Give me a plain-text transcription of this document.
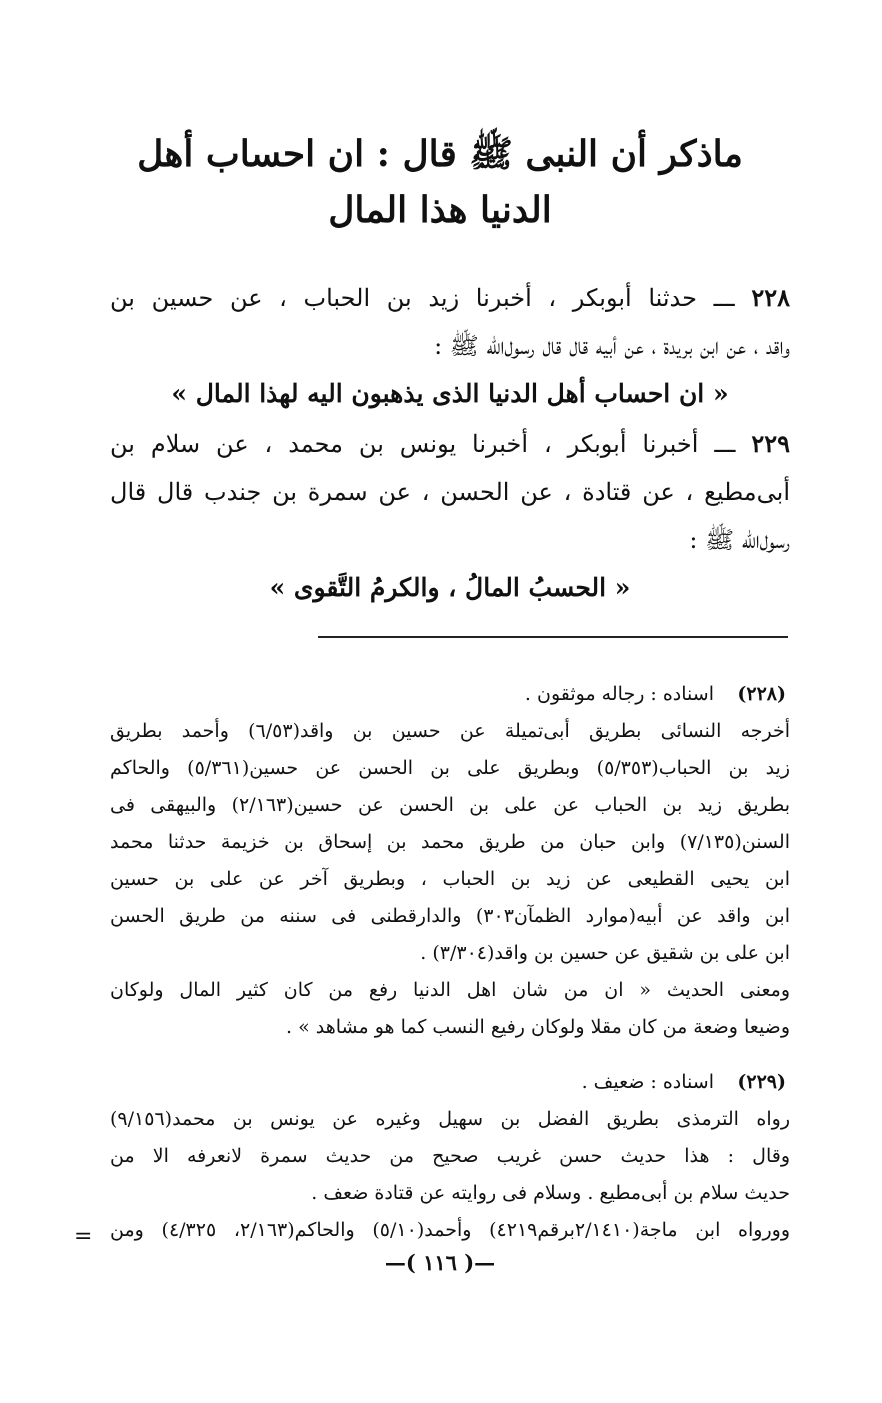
ماذكر أن النبى ﷺ قال : ان احساب أهل
الدنيا هذا المال
٢٢٨ ـــ حدثنا أبوبكر ، أخبرنا زيد بن الحباب ، عن حسين بن
واقد ، عن ابن بريدة ، عن أبيه قال قال رسول‌الله ﷺ :
« ان احساب أهل الدنيا الذى يذهبون اليه لهذا المال »
٢٢٩ ـــ أخبرنا أبوبكر ، أخبرنا يونس بن محمد ، عن سلام بن
أبى‌مطيع ، عن قتادة ، عن الحسن ، عن سمرة بن جندب قال قال
رسول‌الله ﷺ :
« الحسبُ المالُ ، والكرمُ التَّقوى »
(٢٢٨)
اسناده : رجاله موثقون .
أخرجه النسائى بطريق أبى‌تميلة عن حسين بن واقد(٦/٥٣) وأحمد بطريق
زيد بن الحباب(٥/٣٥٣) وبطريق على بن الحسن عن حسين(٥/٣٦١) والحاكم
بطريق زيد بن الحباب عن على بن الحسن عن حسين(٢/١٦٣) والبيهقى فى
السنن(٧/١٣٥) وابن حبان من طريق محمد بن إسحاق بن خزيمة حدثنا محمد
ابن يحيى القطيعى عن زيد بن الحباب ، وبطريق آخر عن على بن حسين
ابن واقد عن أبيه(موارد الظمآن٣٠٣) والدارقطنى فى سننه من طريق الحسن
ابن على بن شقيق عن حسين بن واقد(٣/٣٠٤) .
ومعنى الحديث « ان من شان اهل الدنيا رفع من كان كثير المال ولوكان
وضيعا وضعة من كان مقلا ولوكان رفيع النسب كما هو مشاهد » .
(٢٢٩)
اسناده : ضعيف .
رواه الترمذى بطريق الفضل بن سهيل وغيره عن يونس بن محمد(٩/١٥٦)
وقال : هذا حديث حسن غريب صحيح من حديث سمرة لانعرفه الا من
حديث سلام بن أبى‌مطيع . وسلام فى روايته عن قتادة ضعف .
وورواه ابن ماجة(٢/١٤١٠برقم٤٢١٩) وأحمد(٥/١٠) والحاكم(٢/١٦٣، ٤/٣٢٥) ومن
=
—( ١١٦ )—
